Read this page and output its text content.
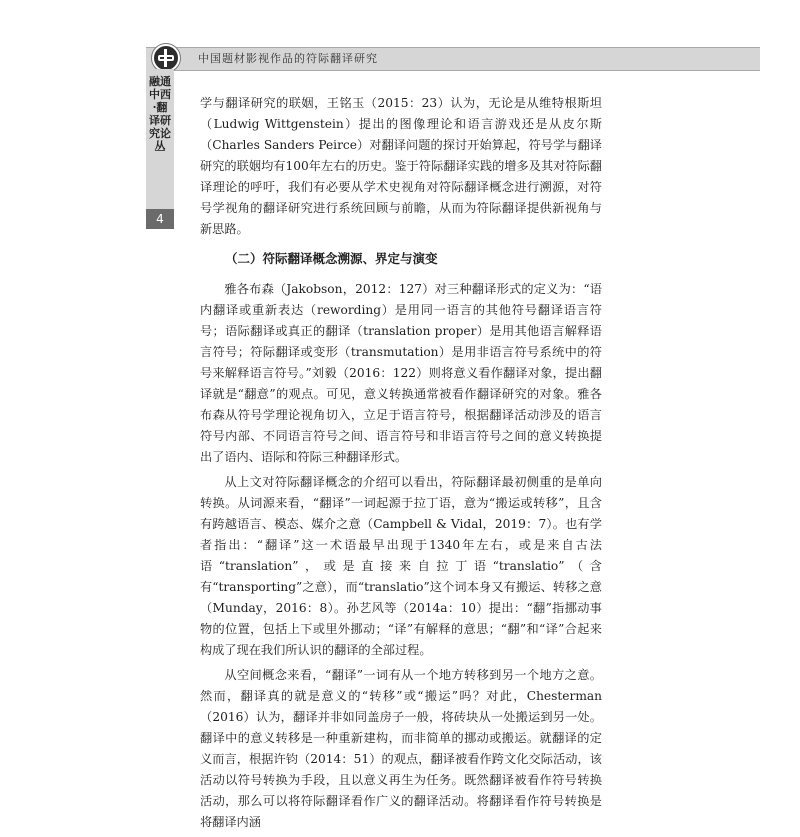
中国题材影视作品的符际翻译研究
融通中西·翻译研究论丛
4

学与翻译研究的联姻，王铭玉（2015：23）认为，无论是从维特根斯坦（Ludwig Wittgenstein）提出的图像理论和语言游戏还是从皮尔斯（Charles Sanders Peirce）对翻译问题的探讨开始算起，符号学与翻译研究的联姻均有100年左右的历史。鉴于符际翻译实践的增多及其对符际翻译理论的呼吁，我们有必要从学术史视角对符际翻译概念进行溯源，对符号学视角的翻译研究进行系统回顾与前瞻，从而为符际翻译提供新视角与新思路。

（二）符际翻译概念溯源、界定与演变

雅各布森（Jakobson，2012：127）对三种翻译形式的定义为：“语内翻译或重新表达（rewording）是用同一语言的其他符号翻译语言符号；语际翻译或真正的翻译（translation proper）是用其他语言解释语言符号；符际翻译或变形（transmutation）是用非语言符号系统中的符号来解释语言符号。”刘毅（2016：122）则将意义看作翻译对象，提出翻译就是“翻意”的观点。可见，意义转换通常被看作翻译研究的对象。雅各布森从符号学理论视角切入，立足于语言符号，根据翻译活动涉及的语言符号内部、不同语言符号之间、语言符号和非语言符号之间的意义转换提出了语内、语际和符际三种翻译形式。

从上文对符际翻译概念的介绍可以看出，符际翻译最初侧重的是单向转换。从词源来看，“翻译”一词起源于拉丁语，意为“搬运或转移”，且含有跨越语言、模态、媒介之意（Campbell & Vidal，2019：7）。也有学者指出：“翻译”这一术语最早出现于1340年左右，或是来自古法语“translation”，或是直接来自拉丁语“translatio”（含有“transporting”之意），而“translatio”这个词本身又有搬运、转移之意（Munday，2016：8）。孙艺风等（2014a：10）提出：“翻”指挪动事物的位置，包括上下或里外挪动；“译”有解释的意思；“翻”和“译”合起来构成了现在我们所认识的翻译的全部过程。

从空间概念来看，“翻译”一词有从一个地方转移到另一个地方之意。然而，翻译真的就是意义的“转移”或“搬运”吗？对此，Chesterman（2016）认为，翻译并非如同盖房子一般，将砖块从一处搬运到另一处。翻译中的意义转移是一种重新建构，而非简单的挪动或搬运。就翻译的定义而言，根据许钧（2014：51）的观点，翻译被看作跨文化交际活动，该活动以符号转换为手段，且以意义再生为任务。既然翻译被看作符号转换活动，那么可以将符际翻译看作广义的翻译活动。将翻译看作符号转换是将翻译内涵
